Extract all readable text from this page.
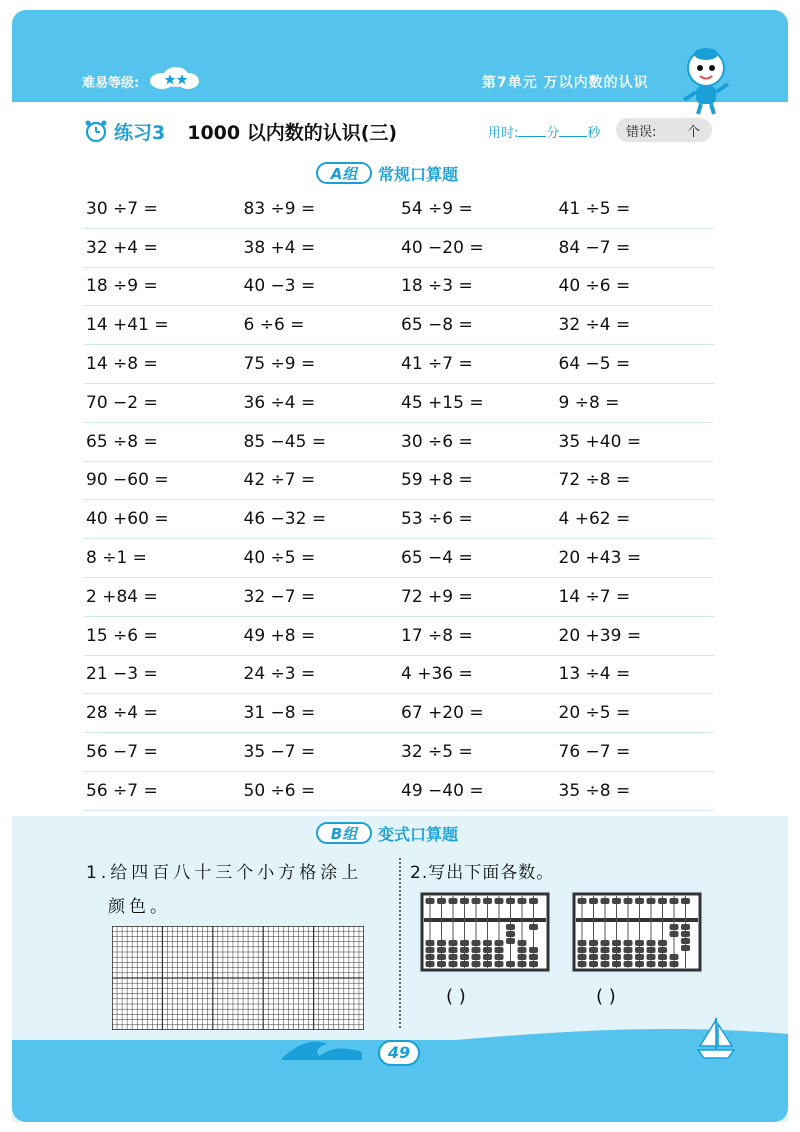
难易等级:	第7单元 万以内数的认识
练习3 1000 以内数的认识(三)	用时: 分 秒	错误: 个
A组	常规口算题
30 ÷7 =	83 ÷9 =	54 ÷9 =	41 ÷5 =
32 +4 =	38 +4 =	40 −20 =	84 −7 =
18 ÷9 =	40 −3 =	18 ÷3 =	40 ÷6 =
14 +41 =	6 ÷6 =	65 −8 =	32 ÷4 =
14 ÷8 =	75 ÷9 =	41 ÷7 =	64 −5 =
70 −2 =	36 ÷4 =	45 +15 =	9 ÷8 =
65 ÷8 =	85 −45 =	30 ÷6 =	35 +40 =
90 −60 =	42 ÷7 =	59 +8 =	72 ÷8 =
40 +60 =	46 −32 =	53 ÷6 =	4 +62 =
8 ÷1 =	40 ÷5 =	65 −4 =	20 +43 =
2 +84 =	32 −7 =	72 +9 =	14 ÷7 =
15 ÷6 =	49 +8 =	17 ÷8 =	20 +39 =
21 −3 =	24 ÷3 =	4 +36 =	13 ÷4 =
28 ÷4 =	31 −8 =	67 +20 =	20 ÷5 =
56 −7 =	35 −7 =	32 ÷5 =	76 −7 =
56 ÷7 =	50 ÷6 =	49 −40 =	35 ÷8 =
B组	变式口算题
1.给四百八十三个小方格涂上
颜色。
2.写出下面各数。
( )	( )
49
